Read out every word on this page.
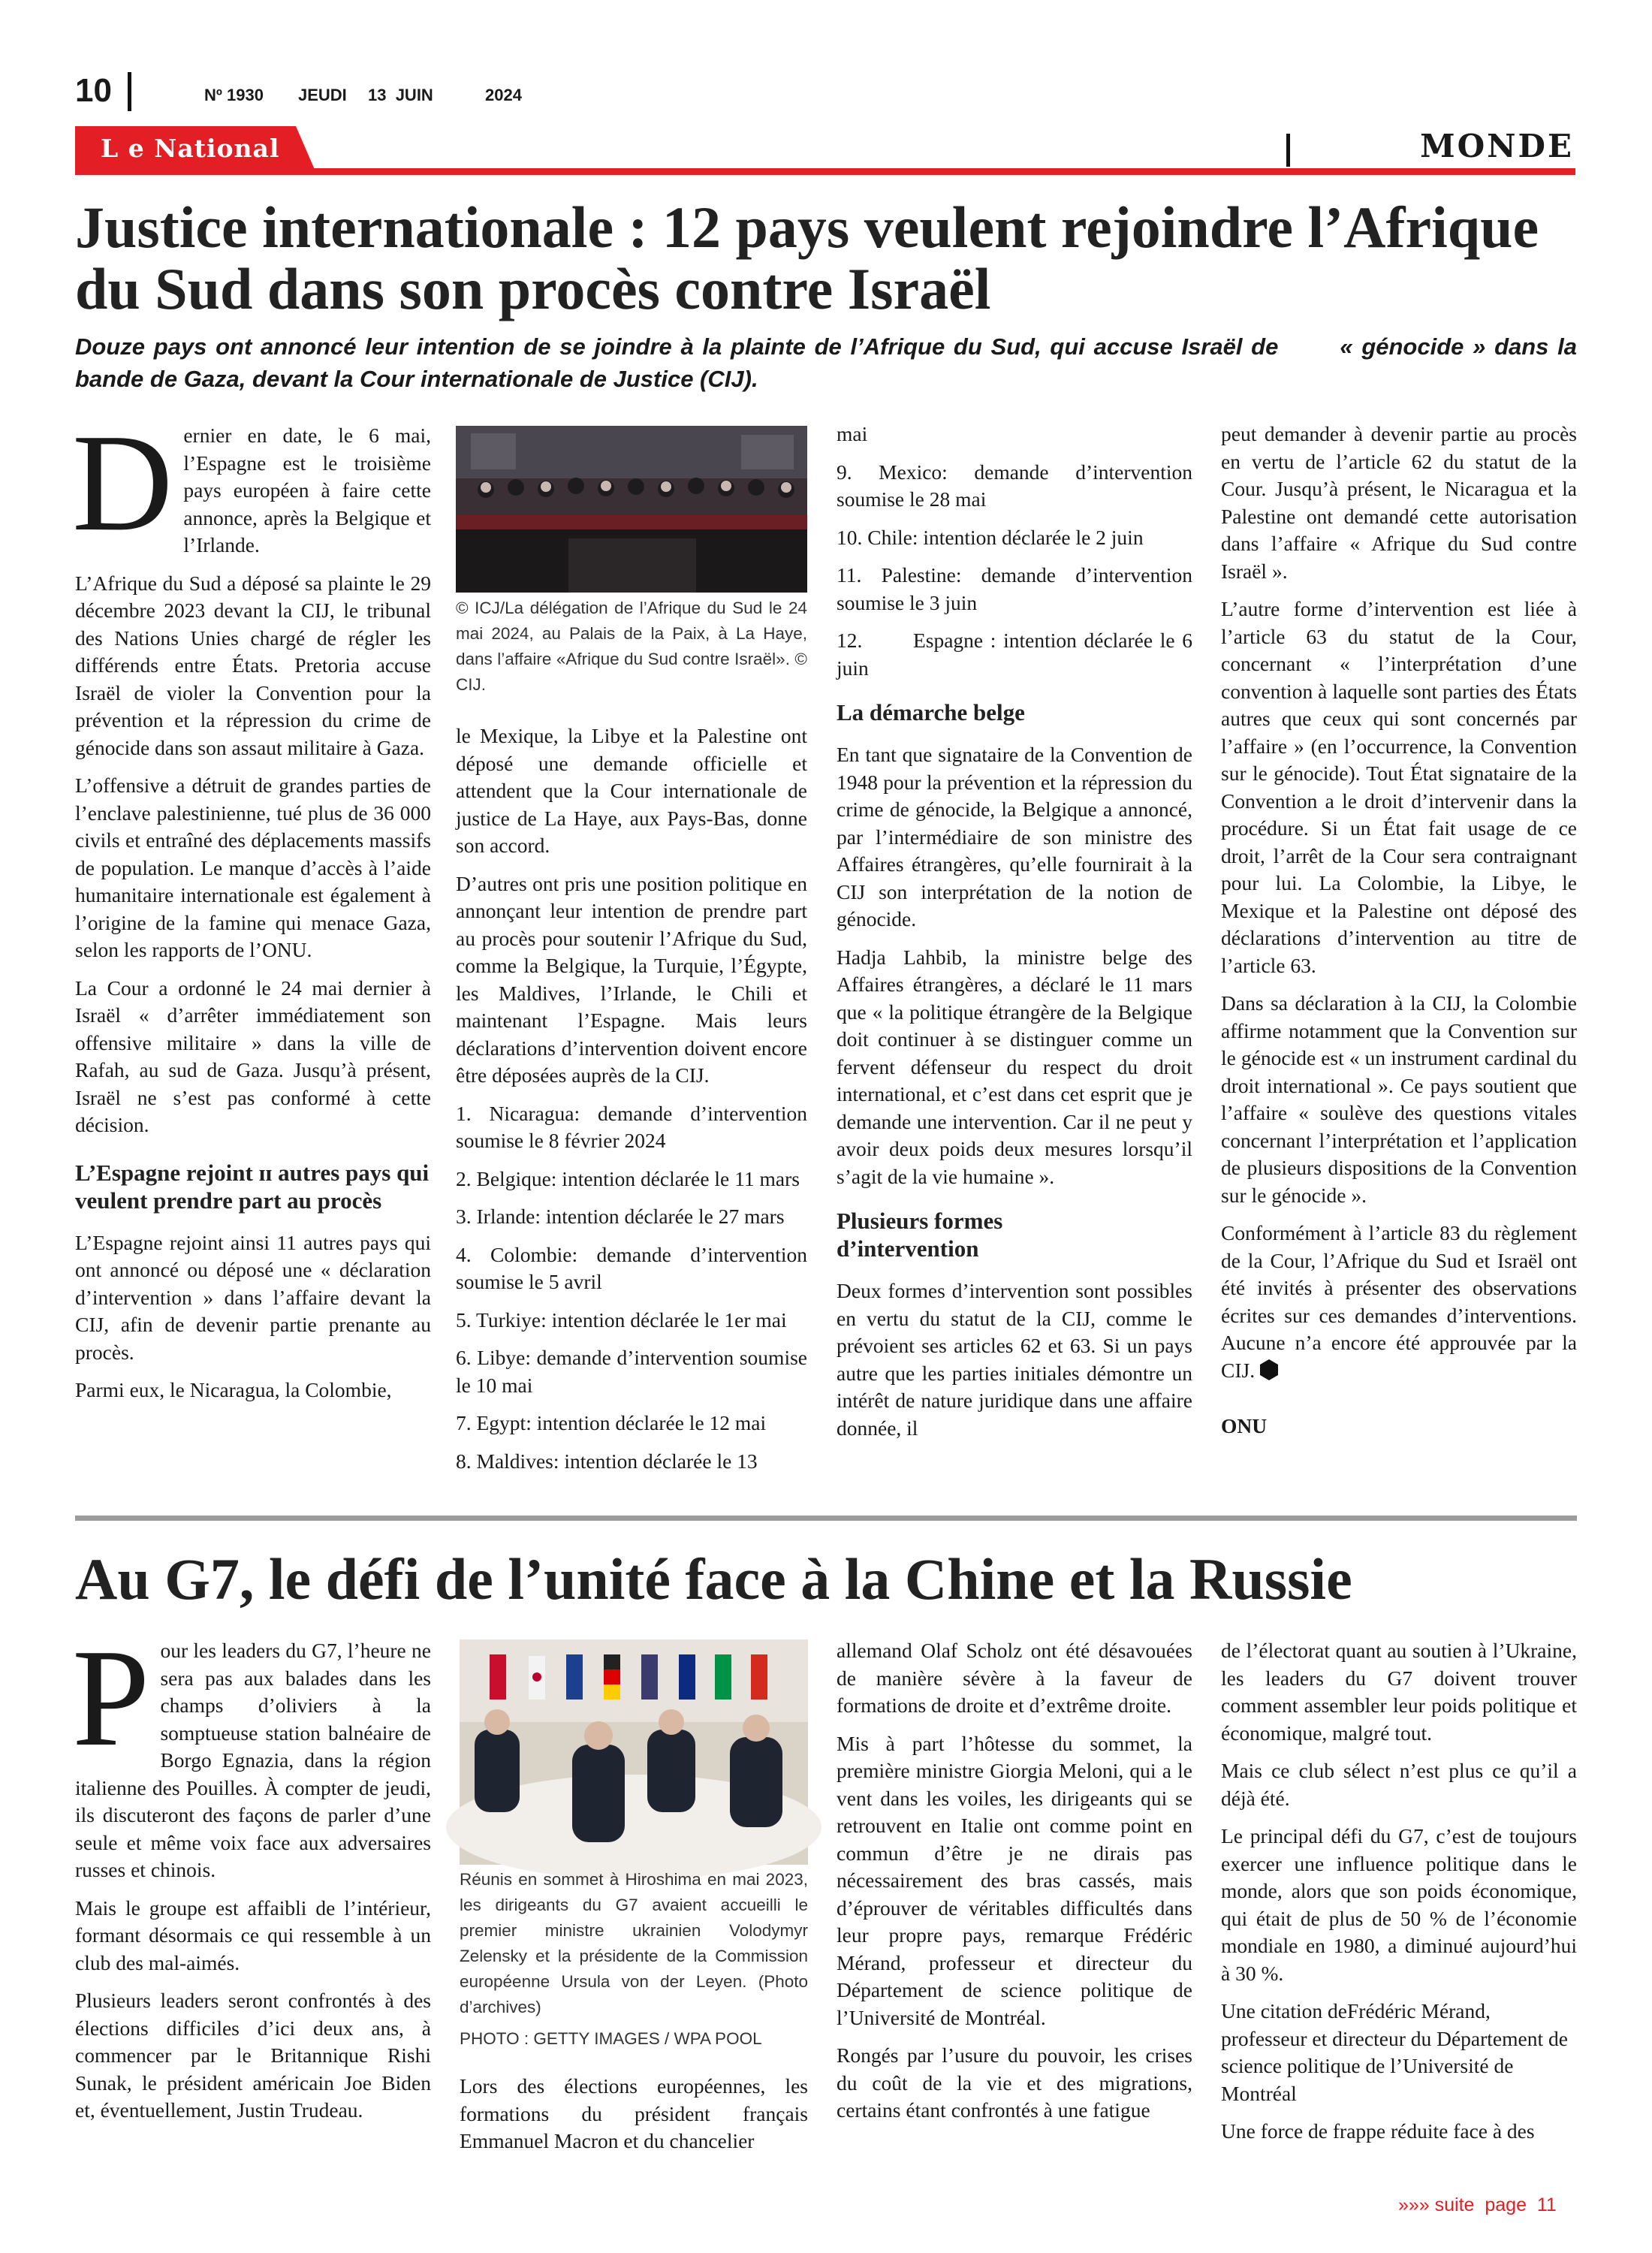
10	Nº 1930 JEUDI 13  JUIN	2024
L e National	MONDE
Justice internationale : 12 pays veulent rejoindre l’Afrique du Sud dans son procès contre Israël
Douze pays ont annoncé leur intention de se joindre à la plainte de l’Afrique du Sud, qui accuse Israël de       « génocide » dans la bande de Gaza, devant la Cour internationale de Justice (CIJ).

Dernier en date, le 6 mai, l’Espagne est le troisième pays européen à faire cette annonce, après la Belgique et l’Irlande.

L’Afrique du Sud a déposé sa plainte le 29 décembre 2023 devant la CIJ, le tribunal des Nations Unies chargé de régler les différends entre États. Pretoria accuse Israël de violer la Convention pour la prévention et la répression du crime de génocide dans son assaut militaire à Gaza.

L’offensive a détruit de grandes parties de l’enclave palestinienne, tué plus de 36 000 civils et entraîné des déplacements massifs de population. Le manque d’accès à l’aide humanitaire internationale est également à l’origine de la famine qui menace Gaza, selon les rapports de l’ONU.

La Cour a ordonné le 24 mai dernier à Israël « d’arrêter immédiatement son offensive militaire » dans la ville de Rafah, au sud de Gaza. Jusqu’à présent, Israël ne s’est pas conformé à cette décision.

L’Espagne rejoint ɪɪ autres pays qui veulent prendre part au procès

L’Espagne rejoint ainsi 11 autres pays qui ont annoncé ou déposé une « déclaration d’intervention » dans l’affaire devant la CIJ, afin de devenir partie prenante au procès.

Parmi eux, le Nicaragua, la Colombie,

© ICJ/La délégation de l’Afrique du Sud le 24 mai 2024, au Palais de la Paix, à La Haye, dans l’affaire «Afrique du Sud contre Israël». © CIJ.

le Mexique, la Libye et la Palestine ont déposé une demande officielle et attendent que la Cour internationale de justice de La Haye, aux Pays-Bas, donne son accord.

D’autres ont pris une position politique en annonçant leur intention de prendre part au procès pour soutenir l’Afrique du Sud, comme la Belgique, la Turquie, l’Égypte, les Maldives, l’Irlande, le Chili et maintenant l’Espagne. Mais leurs déclarations d’intervention doivent encore être déposées auprès de la CIJ.

1. Nicaragua: demande d’intervention soumise le 8 février 2024

2. Belgique: intention déclarée le 11 mars

3. Irlande: intention déclarée le 27 mars

4. Colombie: demande d’intervention soumise le 5 avril

5. Turkiye: intention déclarée le 1er mai

6. Libye: demande d’intervention soumise le 10 mai

7. Egypt: intention déclarée le 12 mai

8. Maldives: intention déclarée le 13

mai

9. Mexico: demande d’intervention soumise le 28 mai

10. Chile: intention déclarée le 2 juin

11. Palestine: demande d’intervention soumise le 3 juin

12.       Espagne : intention déclarée le 6 juin

La démarche belge

En tant que signataire de la Convention de 1948 pour la prévention et la répression du crime de génocide, la Belgique a annoncé, par l’intermédiaire de son ministre des Affaires étrangères, qu’elle fournirait à la CIJ son interprétation de la notion de génocide.

Hadja Lahbib, la ministre belge des Affaires étrangères, a déclaré le 11 mars que « la politique étrangère de la Belgique doit continuer à se distinguer comme un fervent défenseur du respect du droit international, et c’est dans cet esprit que je demande une intervention. Car il ne peut y avoir deux poids deux mesures lorsqu’il s’agit de la vie humaine ».

Plusieurs formes d’intervention

Deux formes d’intervention sont possibles en vertu du statut de la CIJ, comme le prévoient ses articles 62 et 63. Si un pays autre que les parties initiales démontre un intérêt de nature juridique dans une affaire donnée, il

peut demander à devenir partie au procès en vertu de l’article 62 du statut de la Cour. Jusqu’à présent, le Nicaragua et la Palestine ont demandé cette autorisation dans l’affaire « Afrique du Sud contre Israël ».

L’autre forme d’intervention est liée à l’article 63 du statut de la Cour, concernant « l’interprétation d’une convention à laquelle sont parties des États autres que ceux qui sont concernés par l’affaire » (en l’occurrence, la Convention sur le génocide). Tout État signataire de la Convention a le droit d’intervenir dans la procédure. Si un État fait usage de ce droit, l’arrêt de la Cour sera contraignant pour lui. La Colombie, la Libye, le Mexique et la Palestine ont déposé des déclarations d’intervention au titre de l’article 63.

Dans sa déclaration à la CIJ, la Colombie affirme notamment que la Convention sur le génocide est « un instrument cardinal du droit international ». Ce pays soutient que l’affaire « soulève des questions vitales concernant l’interprétation et l’application de plusieurs dispositions de la Convention sur le génocide ».

Conformément à l’article 83 du règlement de la Cour, l’Afrique du Sud et Israël ont été invités à présenter des observations écrites sur ces demandes d’interventions. Aucune n’a encore été approuvée par la CIJ.

ONU

Au G7, le défi de l’unité face à la Chine et la Russie

Pour les leaders du G7, l’heure ne sera pas aux balades dans les champs d’oliviers à la somptueuse station balnéaire de Borgo Egnazia, dans la région italienne des Pouilles. À compter de jeudi, ils discuteront des façons de parler d’une seule et même voix face aux adversaires russes et chinois.

Mais le groupe est affaibli de l’intérieur, formant désormais ce qui ressemble à un club des mal-aimés.

Plusieurs leaders seront confrontés à des élections difficiles d’ici deux ans, à commencer par le Britannique Rishi Sunak, le président américain Joe Biden et, éventuellement, Justin Trudeau.

Réunis en sommet à Hiroshima en mai 2023, les dirigeants du G7 avaient accueilli le premier ministre ukrainien Volodymyr Zelensky et la présidente de la Commission européenne Ursula von der Leyen. (Photo d’archives)
PHOTO : GETTY IMAGES / WPA POOL

Lors des élections européennes, les formations du président français Emmanuel Macron et du chancelier

allemand Olaf Scholz ont été désavouées de manière sévère à la faveur de formations de droite et d’extrême droite.

Mis à part l’hôtesse du sommet, la première ministre Giorgia Meloni, qui a le vent dans les voiles, les dirigeants qui se retrouvent en Italie ont comme point en commun d’être je ne dirais pas nécessairement des bras cassés, mais d’éprouver de véritables difficultés dans leur propre pays, remarque Frédéric Mérand, professeur et directeur du Département de science politique de l’Université de Montréal.

Rongés par l’usure du pouvoir, les crises du coût de la vie et des migrations, certains étant confrontés à une fatigue

de l’électorat quant au soutien à l’Ukraine, les leaders du G7 doivent trouver comment assembler leur poids politique et économique, malgré tout.

Mais ce club sélect n’est plus ce qu’il a déjà été.

Le principal défi du G7, c’est de toujours exercer une influence politique dans le monde, alors que son poids économique, qui était de plus de 50 % de l’économie mondiale en 1980, a diminué aujourd’hui à 30 %.

Une citation deFrédéric Mérand, professeur et directeur du Département de science politique de l’Université de Montréal

Une force de frappe réduite face à des

»»» suite  page  11
